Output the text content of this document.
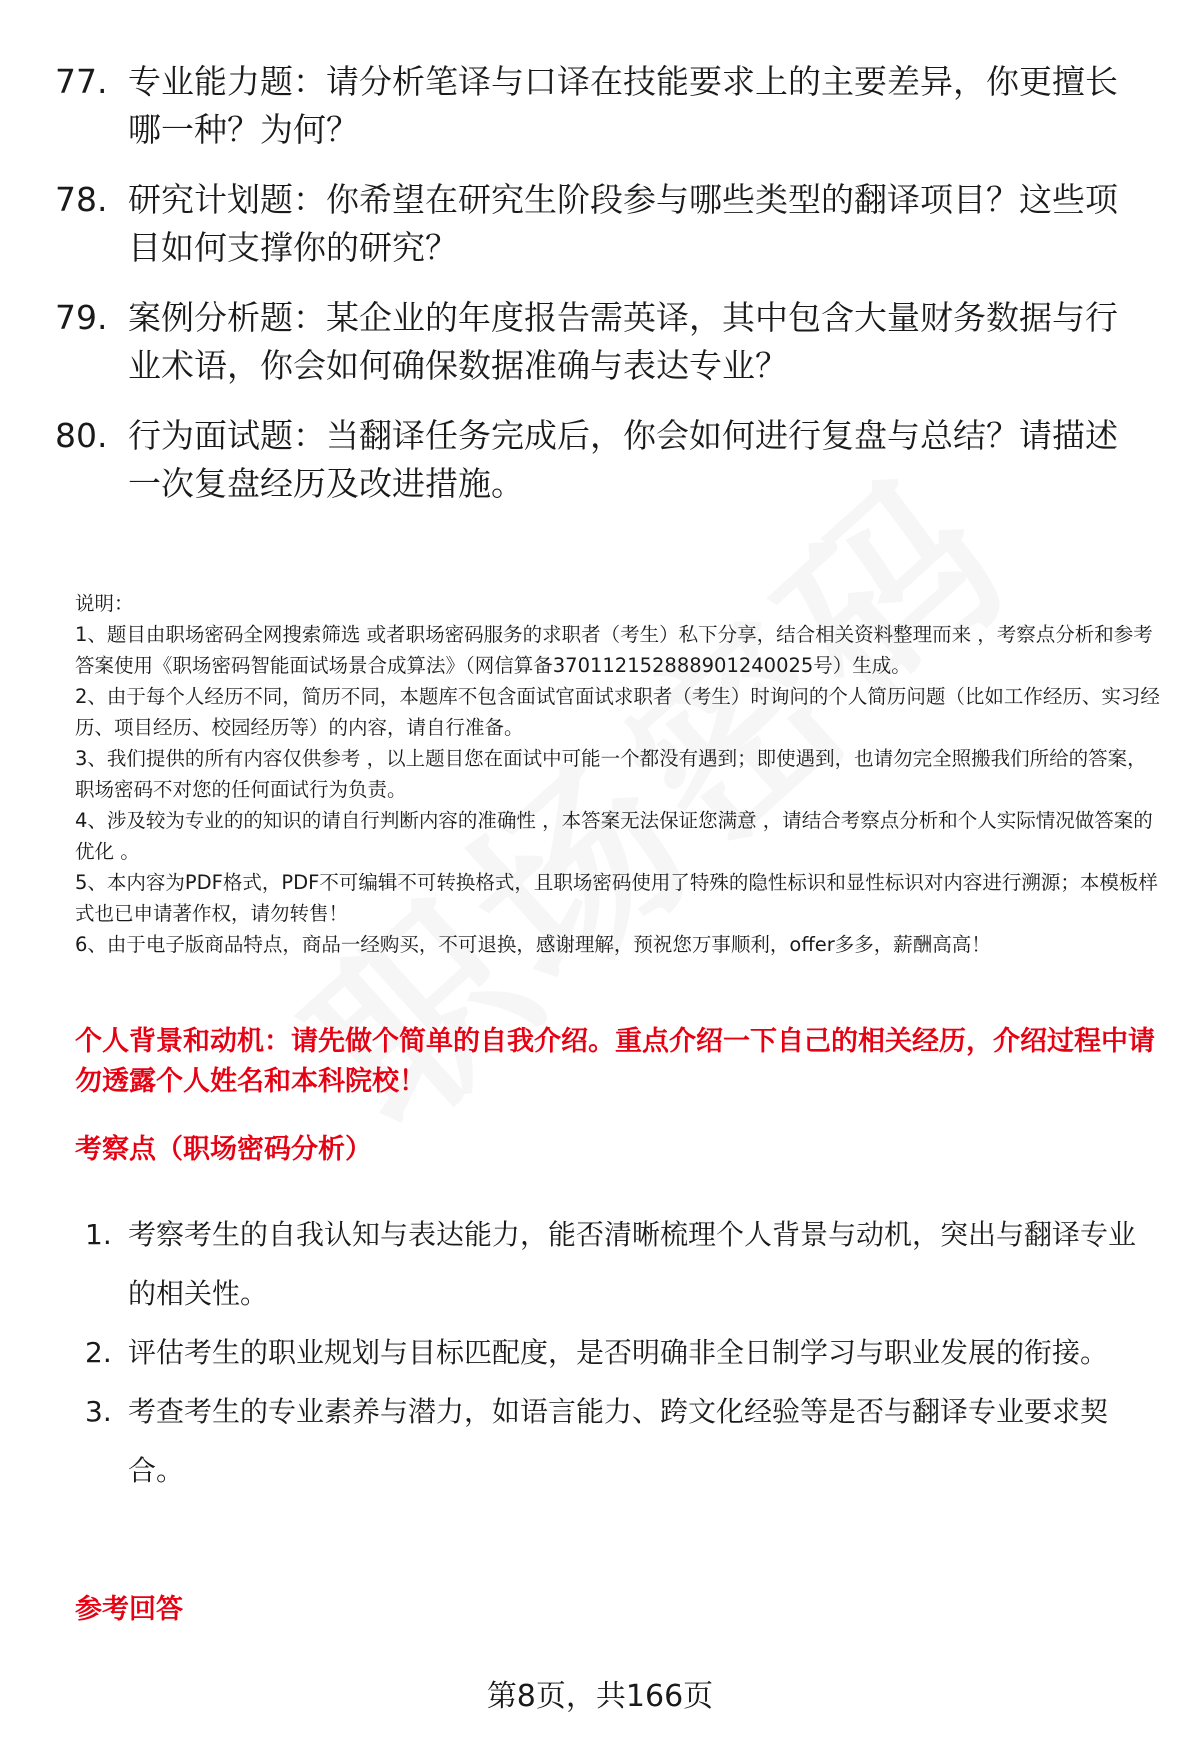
77. 专业能力题：请分析笔译与口译在技能要求上的主要差异，你更擅长哪一种？为何？
78. 研究计划题：你希望在研究生阶段参与哪些类型的翻译项目？这些项目如何支撑你的研究？
79. 案例分析题：某企业的年度报告需英译，其中包含大量财务数据与行业术语，你会如何确保数据准确与表达专业？
80. 行为面试题：当翻译任务完成后，你会如何进行复盘与总结？请描述一次复盘经历及改进措施。
说明：
1、题目由职场密码全网搜索筛选 或者职场密码服务的求职者（考生）私下分享，结合相关资料整理而来 ，考察点分析和参考答案使用《职场密码智能面试场景合成算法》（网信算备370112152888901240025号）生成。
2、由于每个人经历不同，简历不同，本题库不包含面试官面试求职者（考生）时询问的个人简历问题（比如工作经历、实习经历、项目经历、校园经历等）的内容，请自行准备。
3、我们提供的所有内容仅供参考 ，以上题目您在面试中可能一个都没有遇到；即使遇到，也请勿完全照搬我们所给的答案，职场密码不对您的任何面试行为负责。
4、涉及较为专业的的知识的请自行判断内容的准确性 ，本答案无法保证您满意 ，请结合考察点分析和个人实际情况做答案的优化 。
5、本内容为PDF格式，PDF不可编辑不可转换格式，且职场密码使用了特殊的隐性标识和显性标识对内容进行溯源；本模板样式也已申请著作权，请勿转售！
6、由于电子版商品特点，商品一经购买，不可退换，感谢理解，预祝您万事顺利，offer多多，薪酬高高！
个人背景和动机：请先做个简单的自我介绍。重点介绍一下自己的相关经历，介绍过程中请勿透露个人姓名和本科院校！
考察点（职场密码分析）
1. 考察考生的自我认知与表达能力，能否清晰梳理个人背景与动机，突出与翻译专业的相关性。
2. 评估考生的职业规划与目标匹配度，是否明确非全日制学习与职业发展的衔接。
3. 考查考生的专业素养与潜力，如语言能力、跨文化经验等是否与翻译专业要求契合。
参考回答
第8页，共166页
